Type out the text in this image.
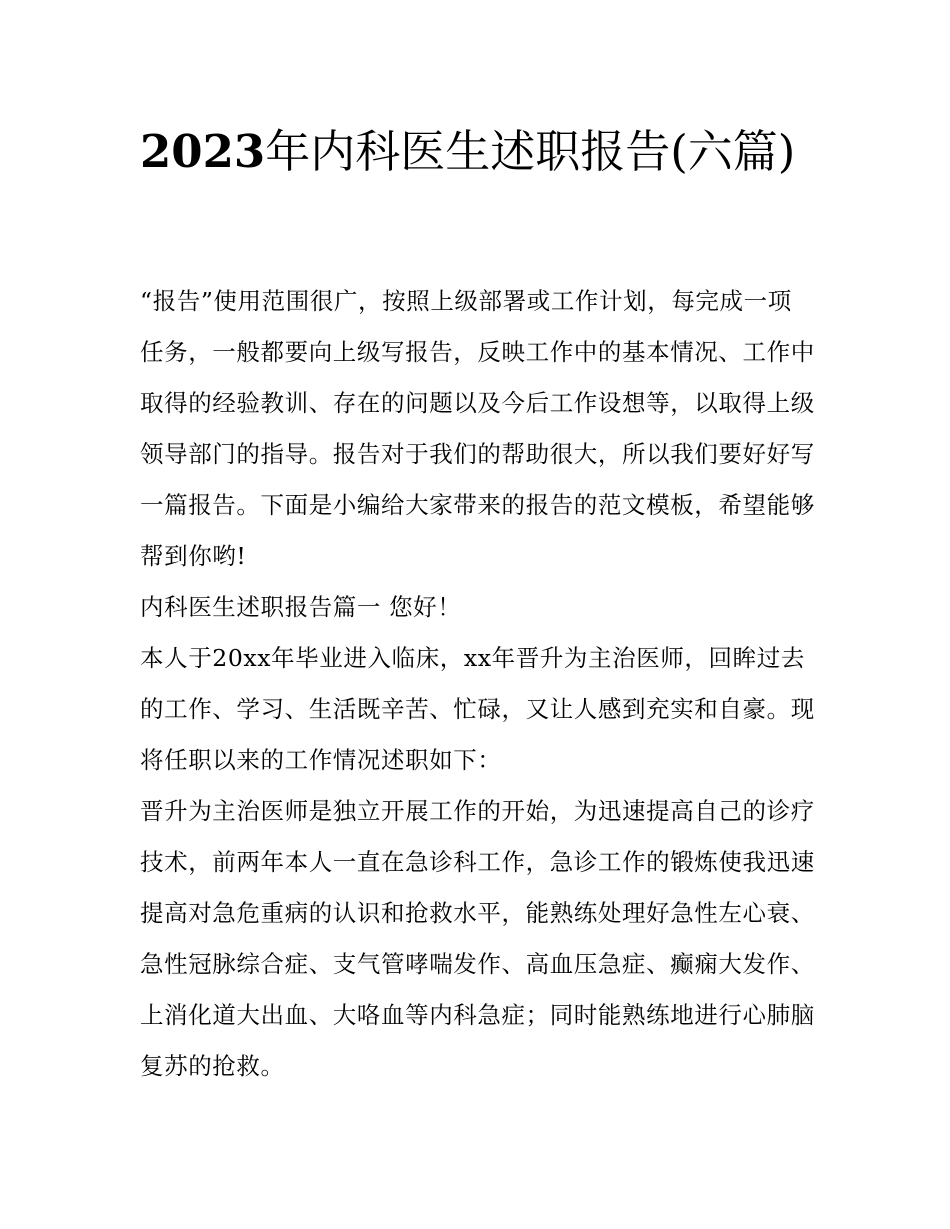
2023年内科医生述职报告(六篇)

“报告”使用范围很广，按照上级部署或工作计划，每完成一项任务，一般都要向上级写报告，反映工作中的基本情况、工作中取得的经验教训、存在的问题以及今后工作设想等，以取得上级领导部门的指导。报告对于我们的帮助很大，所以我们要好好写一篇报告。下面是小编给大家带来的报告的范文模板，希望能够帮到你哟!

内科医生述职报告篇一 您好！

本人于20xx年毕业进入临床，xx年晋升为主治医师，回眸过去的工作、学习、生活既辛苦、忙碌，又让人感到充实和自豪。现将任职以来的工作情况述职如下：

晋升为主治医师是独立开展工作的开始，为迅速提高自己的诊疗技术，前两年本人一直在急诊科工作，急诊工作的锻炼使我迅速提高对急危重病的认识和抢救水平，能熟练处理好急性左心衰、急性冠脉综合症、支气管哮喘发作、高血压急症、癫痫大发作、上消化道大出血、大咯血等内科急症；同时能熟练地进行心肺脑复苏的抢救。
